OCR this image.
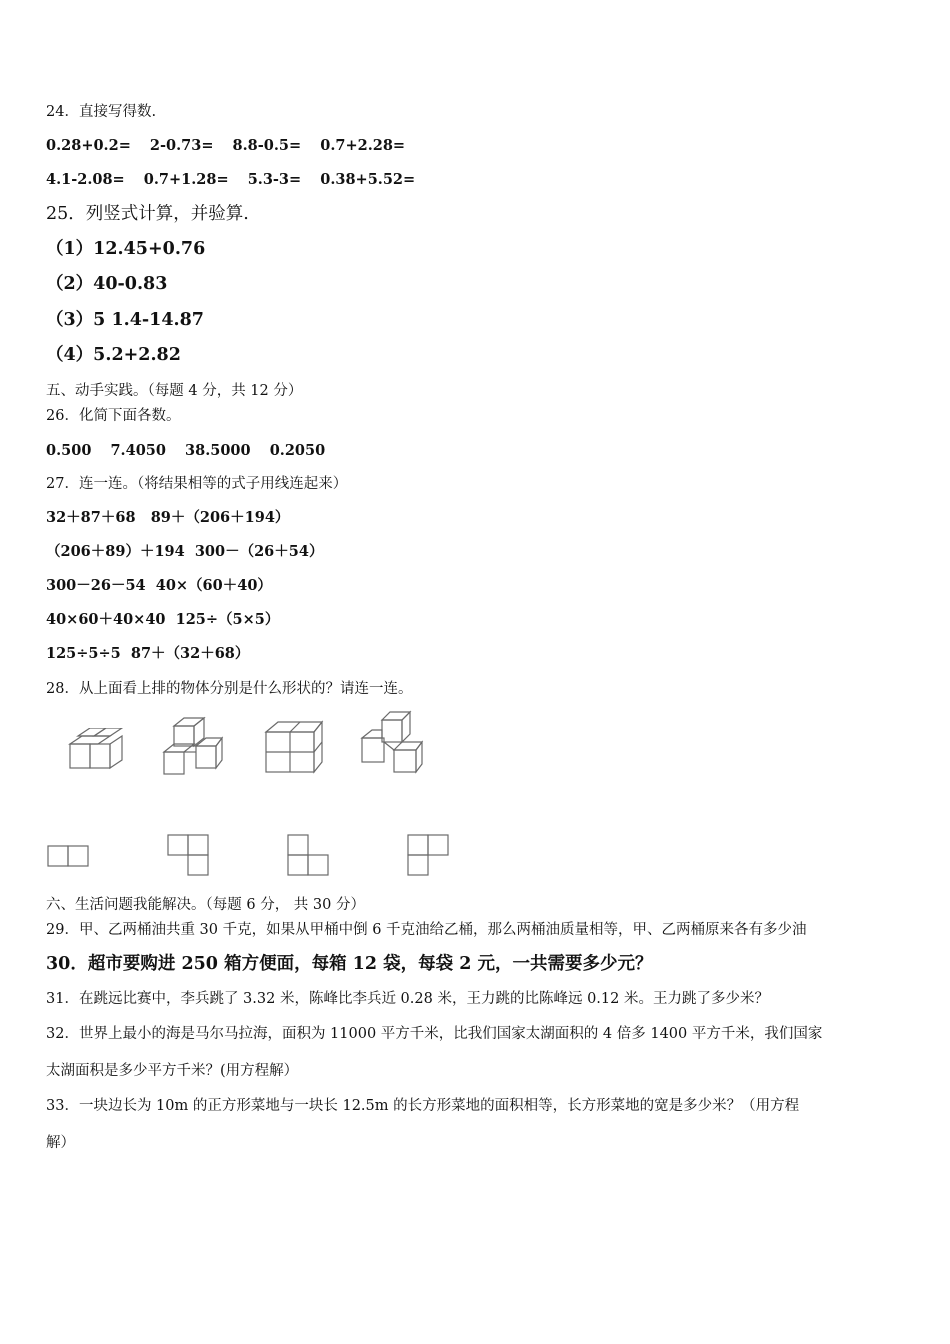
24．直接写得数.
0.28+0.2= 2-0.73= 8.8-0.5= 0.7+2.28=
4.1-2.08= 0.7+1.28= 5.3-3= 0.38+5.52=
25．列竖式计算，并验算.
（1）12.45+0.76
（2）40-0.83
（3）5 1.4-14.87
（4）5.2+2.82
五、动手实践。（每题 4 分，共 12 分）
26．化简下面各数。
0.500 7.4050 38.5000 0.2050
27．连一连。（将结果相等的式子用线连起来）
32＋87＋68 89＋（206＋194）
（206＋89）＋194 300－（26＋54）
300－26－54 40×（60＋40）
40×60＋40×40 125÷（5×5）
125÷5÷5 87＋（32＋68）
28．从上面看上排的物体分别是什么形状的？请连一连。
六、生活问题我能解决。（每题 6 分， 共 30 分）
29．甲、乙两桶油共重 30 千克，如果从甲桶中倒 6 千克油给乙桶，那么两桶油质量相等，甲、乙两桶原来各有多少油
30．超市要购进 250 箱方便面，每箱 12 袋，每袋 2 元，一共需要多少元？
31．在跳远比赛中，李兵跳了 3.32 米，陈峰比李兵近 0.28 米，王力跳的比陈峰远 0.12 米。王力跳了多少米？
32．世界上最小的海是马尔马拉海，面积为 11000 平方千米，比我们国家太湖面积的 4 倍多 1400 平方千米，我们国家
太湖面积是多少平方千米？(用方程解）
33．一块边长为 10m 的正方形菜地与一块长 12.5m 的长方形菜地的面积相等，长方形菜地的宽是多少米？（用方程
解）
